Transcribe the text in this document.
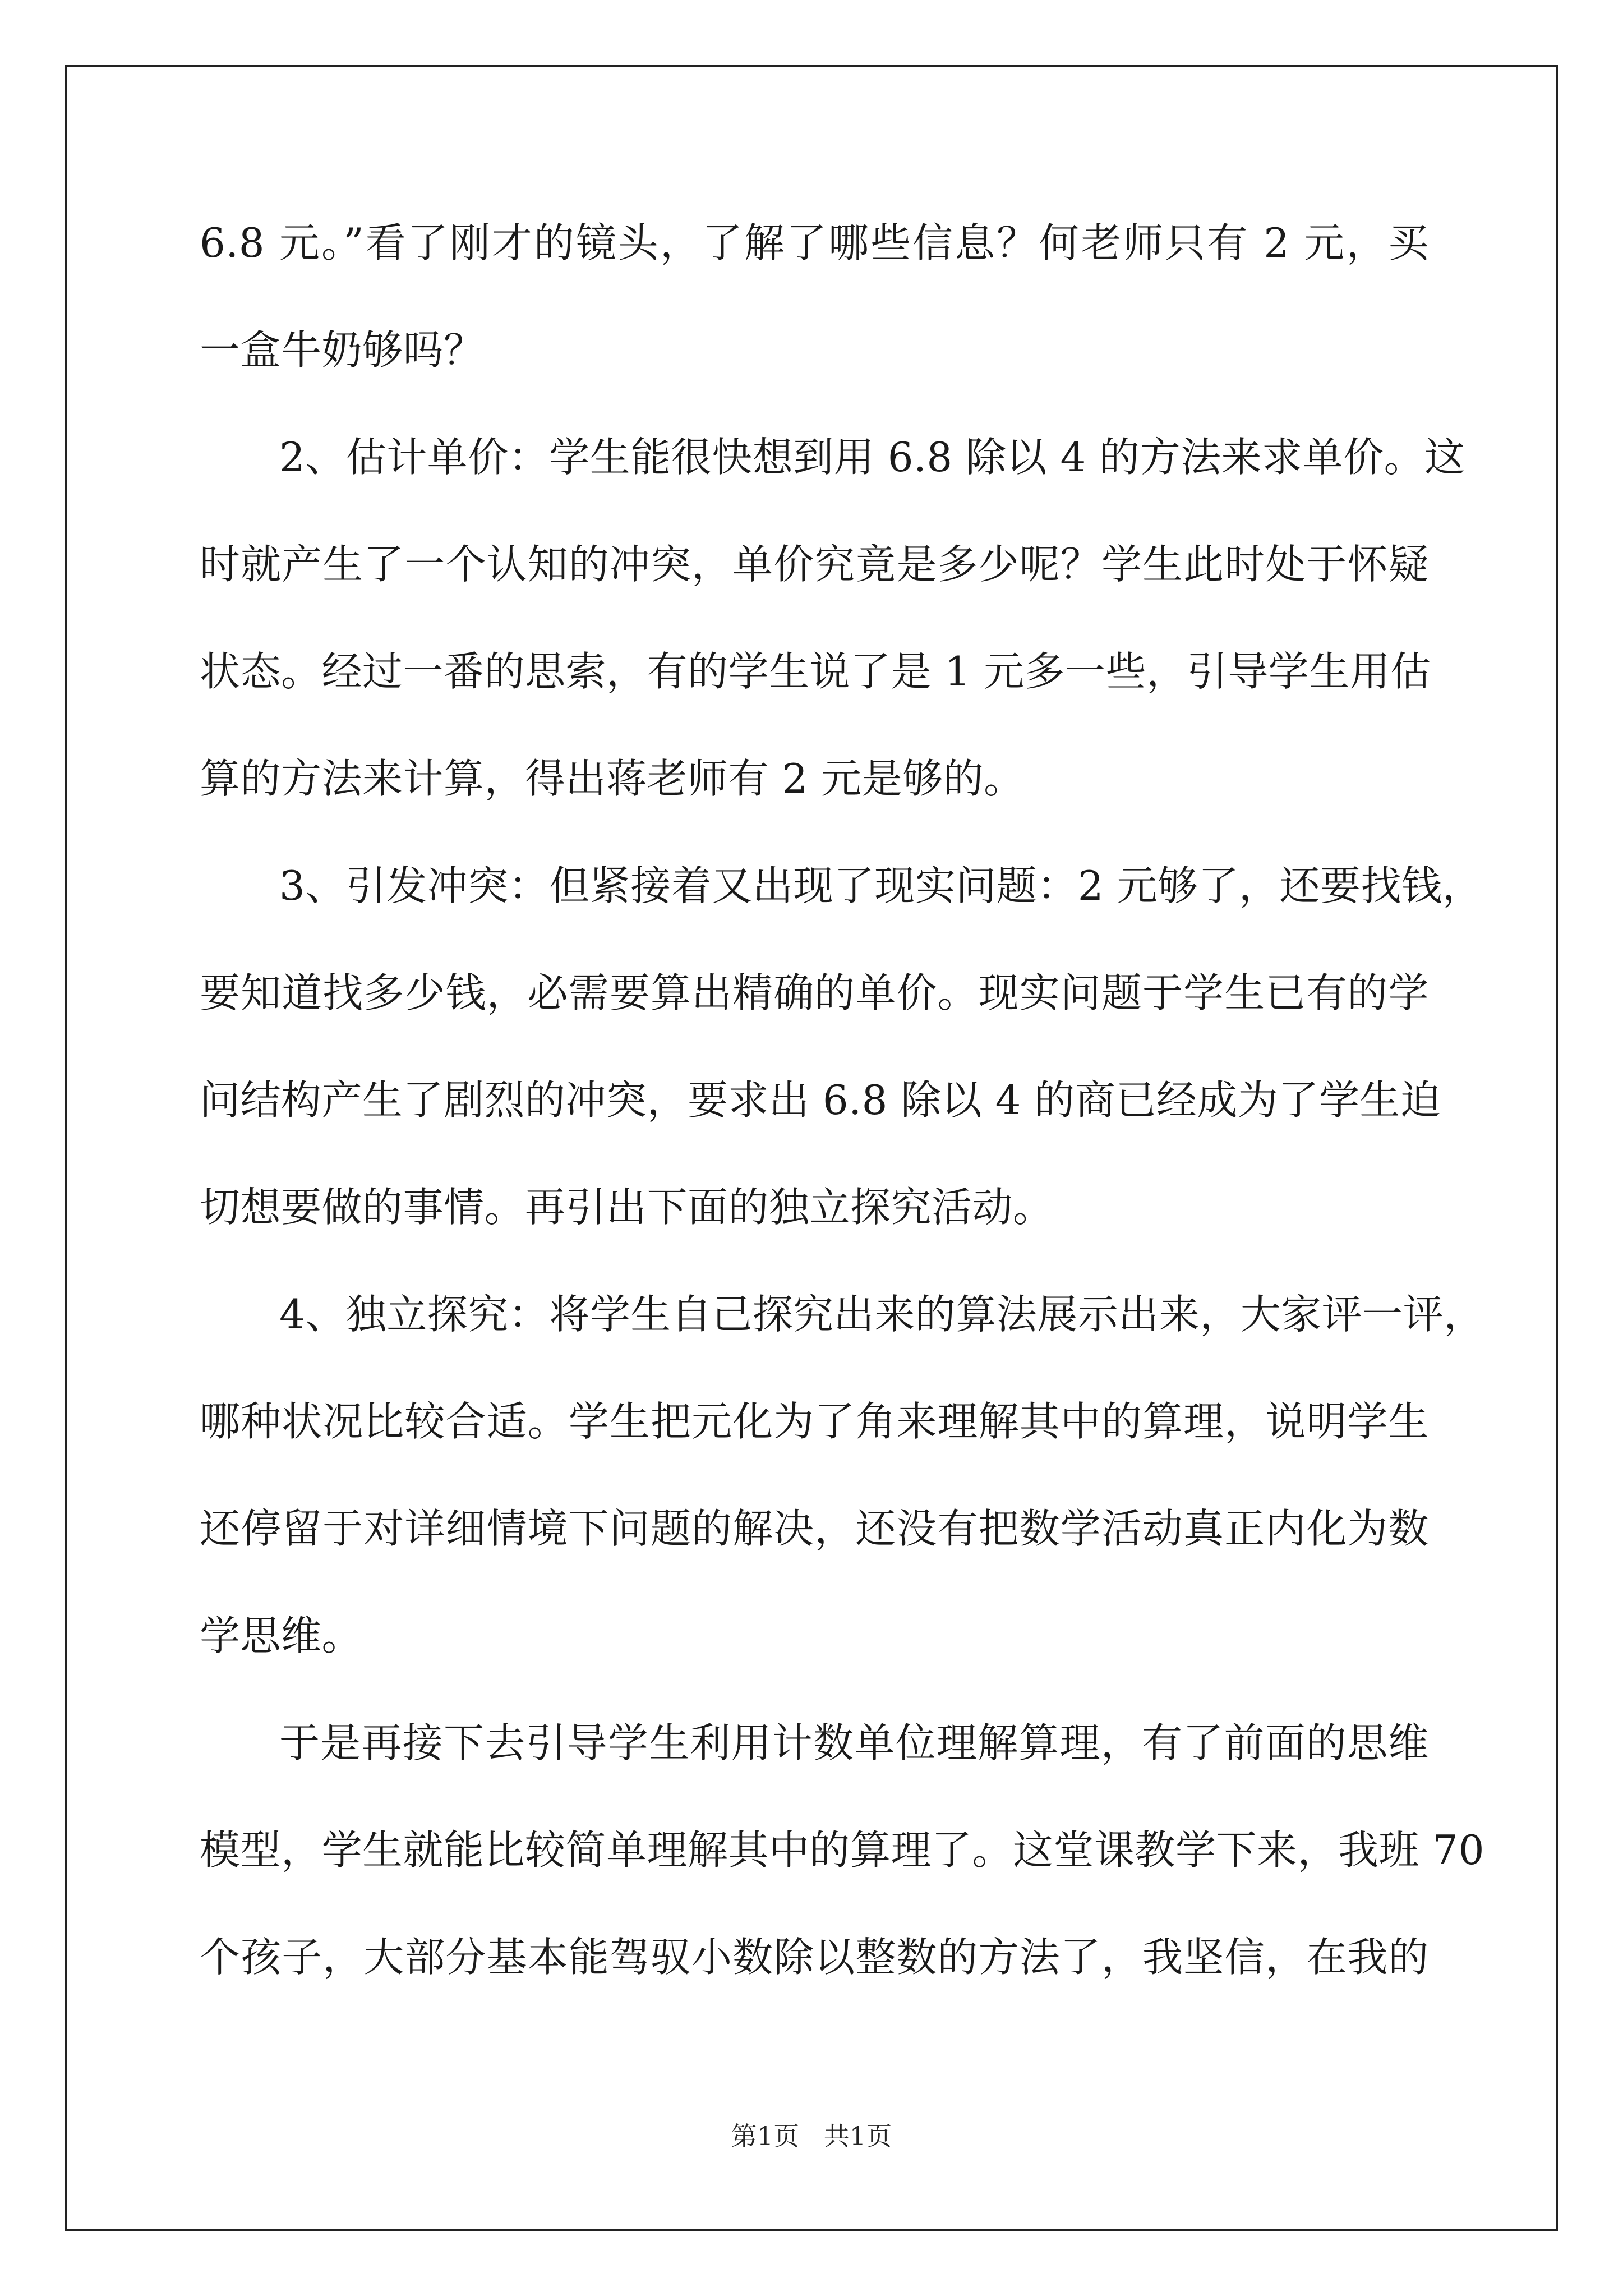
6.8 元。”看了刚才的镜头，了解了哪些信息？何老师只有 2 元，买
一盒牛奶够吗？
2、估计单价：学生能很快想到用 6.8 除以 4 的方法来求单价。这
时就产生了一个认知的冲突，单价究竟是多少呢？学生此时处于怀疑
状态。经过一番的思索，有的学生说了是 1 元多一些，引导学生用估
算的方法来计算，得出蒋老师有 2 元是够的。
3、引发冲突：但紧接着又出现了现实问题：2 元够了，还要找钱，
要知道找多少钱，必需要算出精确的单价。现实问题于学生已有的学
问结构产生了剧烈的冲突，要求出 6.8 除以 4 的商已经成为了学生迫
切想要做的事情。再引出下面的独立探究活动。
4、独立探究：将学生自己探究出来的算法展示出来，大家评一评，
哪种状况比较合适。学生把元化为了角来理解其中的算理，说明学生
还停留于对详细情境下问题的解决，还没有把数学活动真正内化为数
学思维。
于是再接下去引导学生利用计数单位理解算理，有了前面的思维
模型，学生就能比较简单理解其中的算理了。这堂课教学下来，我班 70
个孩子，大部分基本能驾驭小数除以整数的方法了，我坚信，在我的
第1页   共1页
